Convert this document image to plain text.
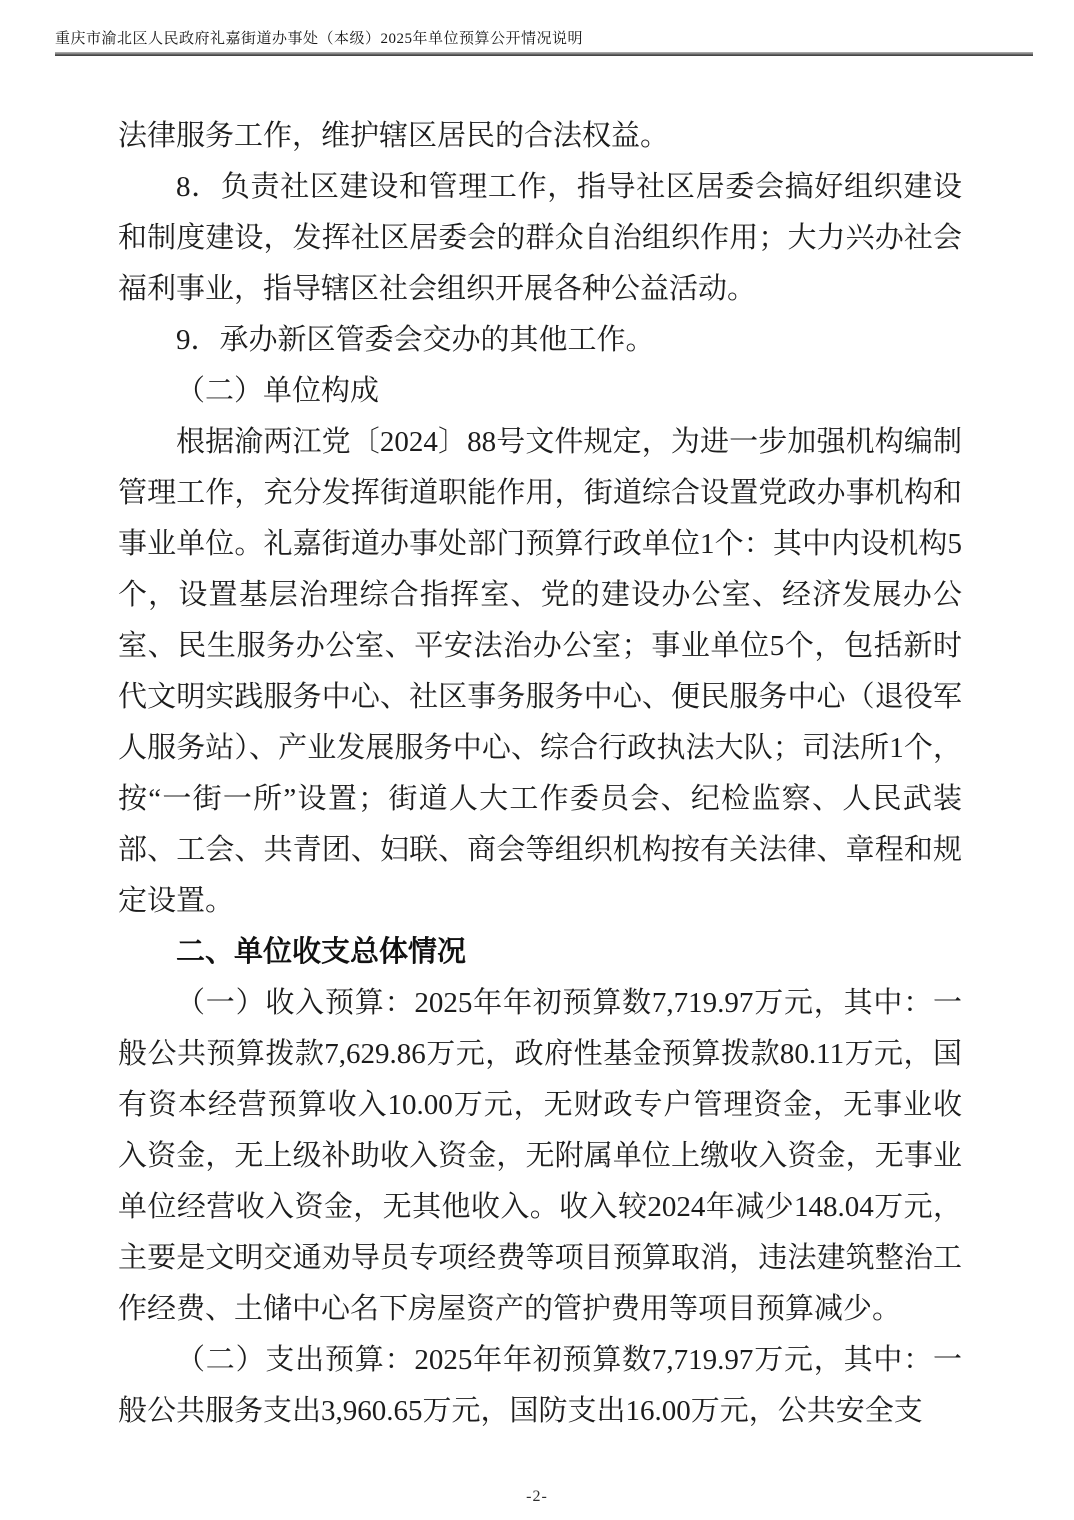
重庆市渝北区人民政府礼嘉街道办事处（本级）2025年单位预算公开情况说明

法律服务工作，维护辖区居民的合法权益。

8．负责社区建设和管理工作，指导社区居委会搞好组织建设和制度建设，发挥社区居委会的群众自治组织作用；大力兴办社会福利事业，指导辖区社会组织开展各种公益活动。

9．承办新区管委会交办的其他工作。

（二）单位构成

根据渝两江党〔2024〕88号文件规定，为进一步加强机构编制管理工作，充分发挥街道职能作用，街道综合设置党政办事机构和事业单位。礼嘉街道办事处部门预算行政单位1个：其中内设机构5个，设置基层治理综合指挥室、党的建设办公室、经济发展办公室、民生服务办公室、平安法治办公室；事业单位5个，包括新时代文明实践服务中心、社区事务服务中心、便民服务中心（退役军人服务站）、产业发展服务中心、综合行政执法大队；司法所1个，按“一街一所”设置；街道人大工作委员会、纪检监察、人民武装部、工会、共青团、妇联、商会等组织机构按有关法律、章程和规定设置。

二、单位收支总体情况

（一）收入预算：2025年年初预算数7,719.97万元，其中：一般公共预算拨款7,629.86万元，政府性基金预算拨款80.11万元，国有资本经营预算收入10.00万元，无财政专户管理资金，无事业收入资金，无上级补助收入资金，无附属单位上缴收入资金，无事业单位经营收入资金，无其他收入。收入较2024年减少148.04万元，主要是文明交通劝导员专项经费等项目预算取消，违法建筑整治工作经费、土储中心名下房屋资产的管护费用等项目预算减少。

（二）支出预算：2025年年初预算数7,719.97万元，其中：一般公共服务支出3,960.65万元，国防支出16.00万元，公共安全支

-2-
